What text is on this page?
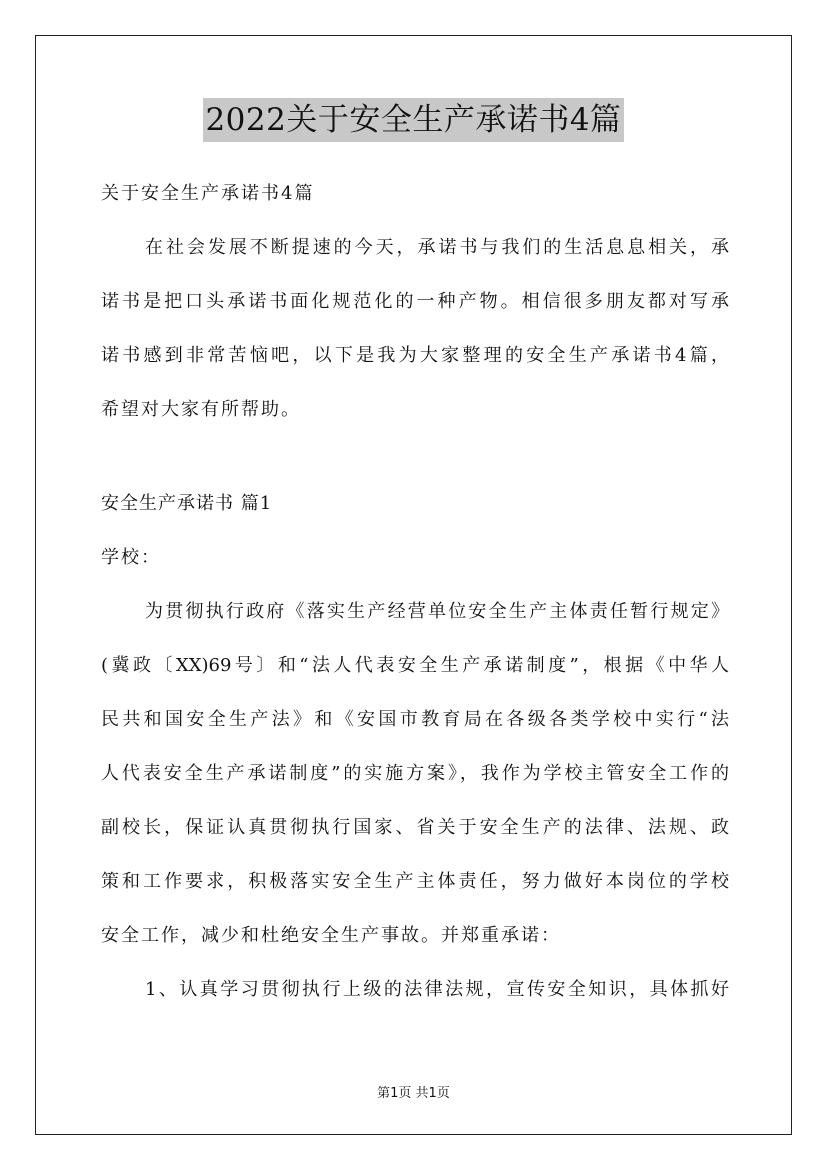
2022关于安全生产承诺书4篇
关于安全生产承诺书4篇
在社会发展不断提速的今天，承诺书与我们的生活息息相关，承
诺书是把口头承诺书面化规范化的一种产物。相信很多朋友都对写承
诺书感到非常苦恼吧，以下是我为大家整理的安全生产承诺书4篇，
希望对大家有所帮助。
安全生产承诺书 篇1
学校：
为贯彻执行政府《落实生产经营单位安全生产主体责任暂行规定》
(冀政〔XX)69号〕和“法人代表安全生产承诺制度”，根据《中华人
民共和国安全生产法》和《安国市教育局在各级各类学校中实行“法
人代表安全生产承诺制度”的实施方案》，我作为学校主管安全工作的
副校长，保证认真贯彻执行国家、省关于安全生产的法律、法规、政
策和工作要求，积极落实安全生产主体责任，努力做好本岗位的学校
安全工作，减少和杜绝安全生产事故。并郑重承诺：
1、认真学习贯彻执行上级的法律法规，宣传安全知识，具体抓好
第1页 共1页
